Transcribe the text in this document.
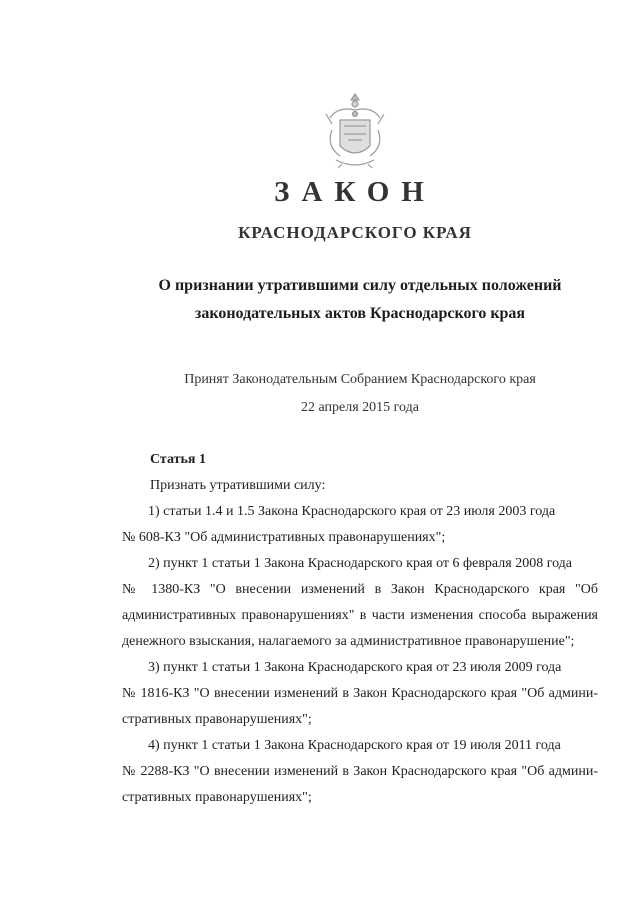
ЗАКОН
КРАСНОДАРСКОГО КРАЯ
О признании утратившими силу отдельных положений
законодательных актов Краснодарского края
Принят Законодательным Собранием Краснодарского края
22 апреля 2015 года

Статья 1

Признать утратившими силу:

1) статьи 1.4 и 1.5 Закона Краснодарского края от 23 июля 2003 года

№ 608-КЗ "Об административных правонарушениях";

2) пункт 1 статьи 1 Закона Краснодарского края от 6 февраля 2008 года

№ 1380-КЗ "О внесении изменений в Закон Краснодарского края "Об административных правонарушениях" в части изменения способа выражения денежного взыскания, налагаемого за административное правонарушение";

3) пункт 1 статьи 1 Закона Краснодарского края от 23 июля 2009 года

№ 1816-КЗ "О внесении изменений в Закон Краснодарского края "Об административных правонарушениях";

4) пункт 1 статьи 1 Закона Краснодарского края от 19 июля 2011 года

№ 2288-КЗ "О внесении изменений в Закон Краснодарского края "Об административных правонарушениях";
